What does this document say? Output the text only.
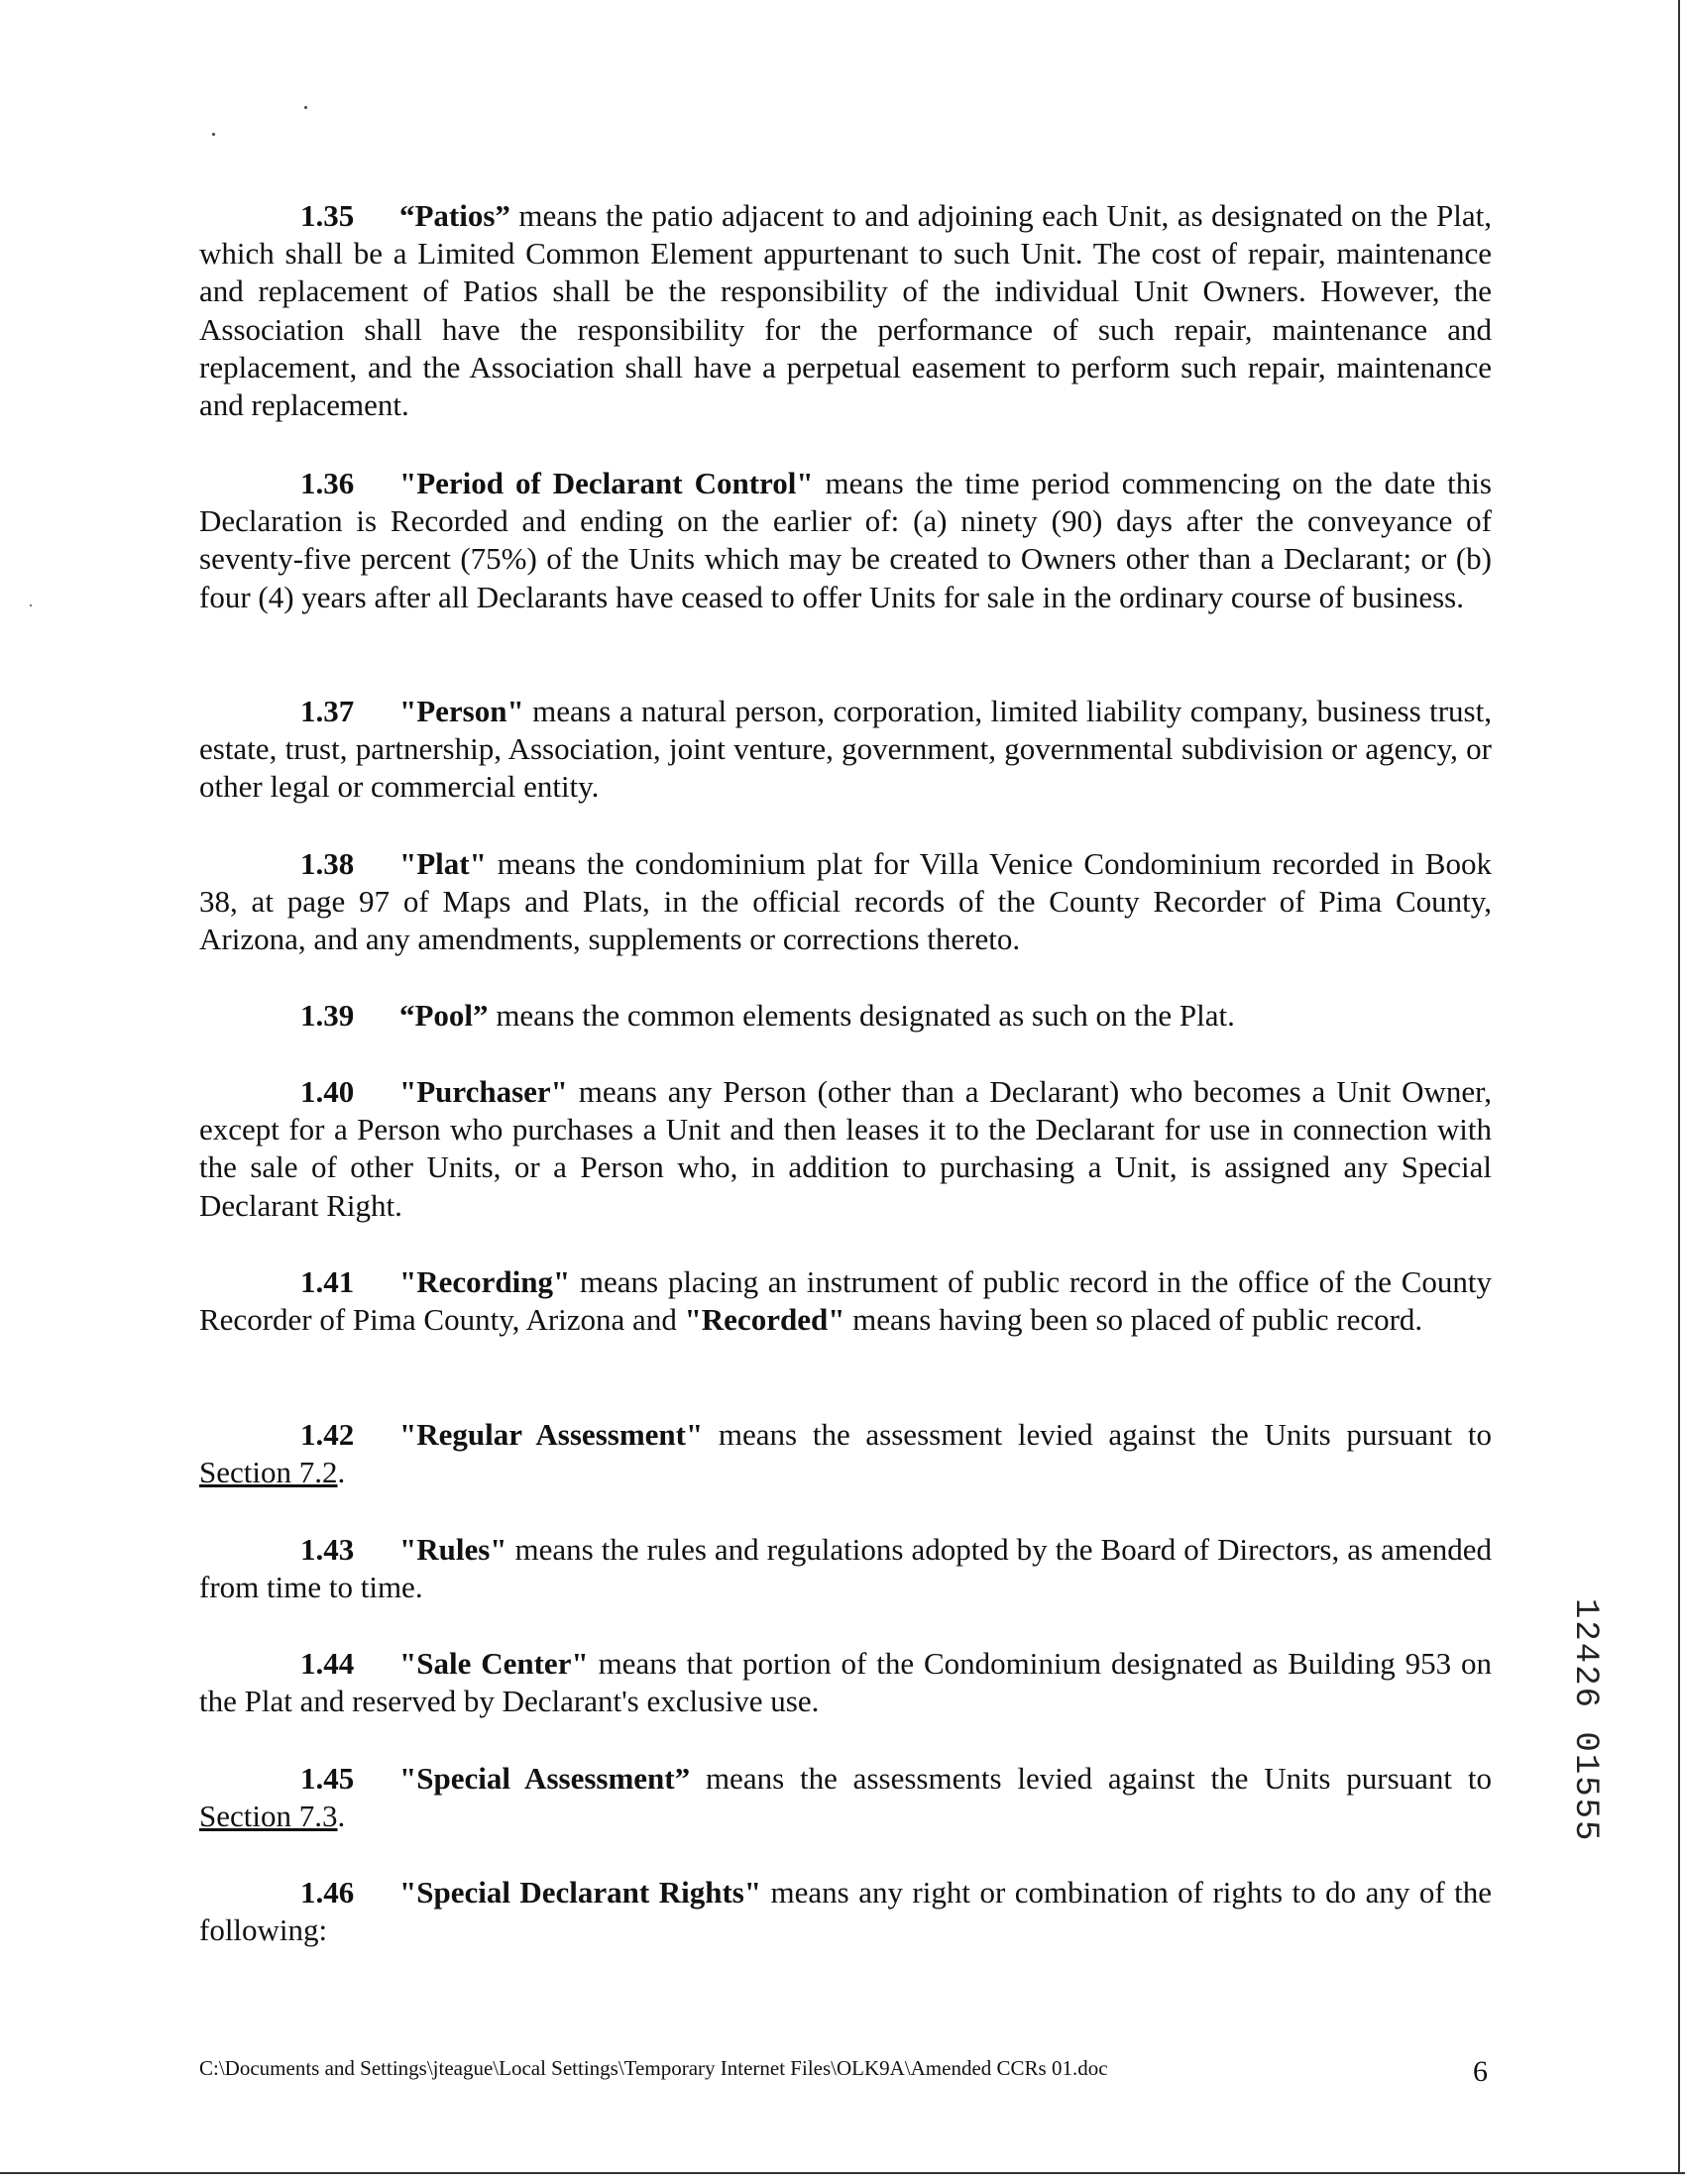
1.35 “Patios” means the patio adjacent to and adjoining each Unit, as designated on the Plat, which shall be a Limited Common Element appurtenant to such Unit. The cost of repair, maintenance and replacement of Patios shall be the responsibility of the individual Unit Owners. However, the Association shall have the responsibility for the performance of such repair, maintenance and replacement, and the Association shall have a perpetual easement to perform such repair, maintenance and replacement.

1.36 "Period of Declarant Control" means the time period commencing on the date this Declaration is Recorded and ending on the earlier of: (a) ninety (90) days after the conveyance of seventy-five percent (75%) of the Units which may be created to Owners other than a Declarant; or (b) four (4) years after all Declarants have ceased to offer Units for sale in the ordinary course of business.

1.37 "Person" means a natural person, corporation, limited liability company, business trust, estate, trust, partnership, Association, joint venture, government, governmental subdivision or agency, or other legal or commercial entity.

1.38 "Plat" means the condominium plat for Villa Venice Condominium recorded in Book 38, at page 97 of Maps and Plats, in the official records of the County Recorder of Pima County, Arizona, and any amendments, supplements or corrections thereto.

1.39 “Pool” means the common elements designated as such on the Plat.

1.40 "Purchaser" means any Person (other than a Declarant) who becomes a Unit Owner, except for a Person who purchases a Unit and then leases it to the Declarant for use in connection with the sale of other Units, or a Person who, in addition to purchasing a Unit, is assigned any Special Declarant Right.

1.41 "Recording" means placing an instrument of public record in the office of the County Recorder of Pima County, Arizona and "Recorded" means having been so placed of public record.

1.42 "Regular Assessment" means the assessment levied against the Units pursuant to Section 7.2.

1.43 "Rules" means the rules and regulations adopted by the Board of Directors, as amended from time to time.

1.44 "Sale Center" means that portion of the Condominium designated as Building 953 on the Plat and reserved by Declarant's exclusive use.

1.45 "Special Assessment” means the assessments levied against the Units pursuant to Section 7.3.

1.46 "Special Declarant Rights" means any right or combination of rights to do any of the following:

12426 01555
C:\Documents and Settings\jteague\Local Settings\Temporary Internet Files\OLK9A\Amended CCRs 01.doc	6
